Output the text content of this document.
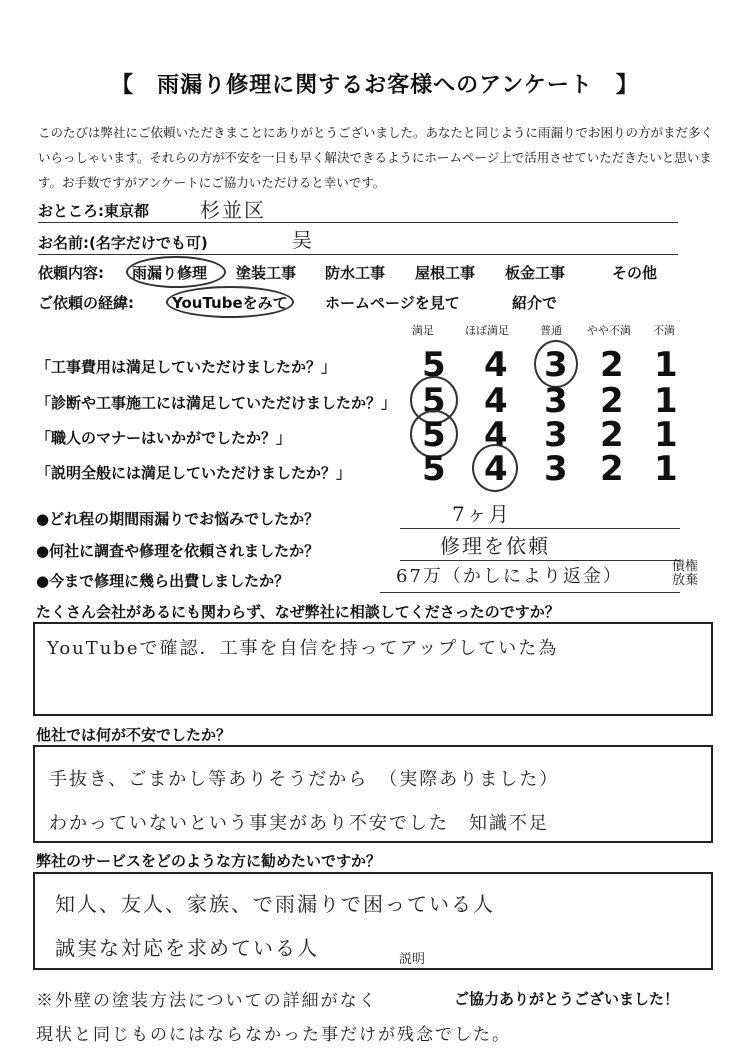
【　雨漏り修理に関するお客様へのアンケート　】
このたびは弊社にご依頼いただきまことにありがとうございました。あなたと同じように雨漏りでお困りの方がまだ多くいらっしゃいます。それらの方が不安を一日も早く解決できるようにホームページ上で活用させていただきたいと思います。お手数ですがアンケートにご協力いただけると幸いです。
おところ:東京都	杉並区
お名前:(名字だけでも可)	吴
依頼内容: 雨漏り修理 塗装工事 防水工事 屋根工事 板金工事	その他
ご依頼の経緯:	YouTubeをみて ホームページを見て	紹介で
満足	ほぼ満足	普通 やや不満 不満
「工事費用は満足していただけましたか？」	5 4 3 2 1
「診断や工事施工には満足していただけましたか？」 5 4 3 2 1
「職人のマナーはいかがでしたか？」	5 4 3 2 1
「説明全般には満足していただけましたか？」 5 4 3 2 1
●どれ程の期間雨漏りでお悩みでしたか？	7ヶ月
●何社に調査や修理を依頼されましたか？	修理を依頼
●今まで修理に幾ら出費しましたか？	67万（かしにより返金）	債権放棄
たくさん会社があるにも関わらず、なぜ弊社に相談してくださったのですか？
YouTubeで確認．工事を自信を持ってアップしていた為
他社では何が不安でしたか？
手抜き、ごまかし等ありそうだから　（実際ありました）
わかっていないという事実があり不安でした　知識不足
弊社のサービスをどのような方に勧めたいですか？
知人、友人、家族、で雨漏りで困っている人
誠実な対応を求めている人	説明
※外壁の塗装方法についての詳細がなく	ご協力ありがとうございました！
現状と同じものにはならなかった事だけが残念でした。
